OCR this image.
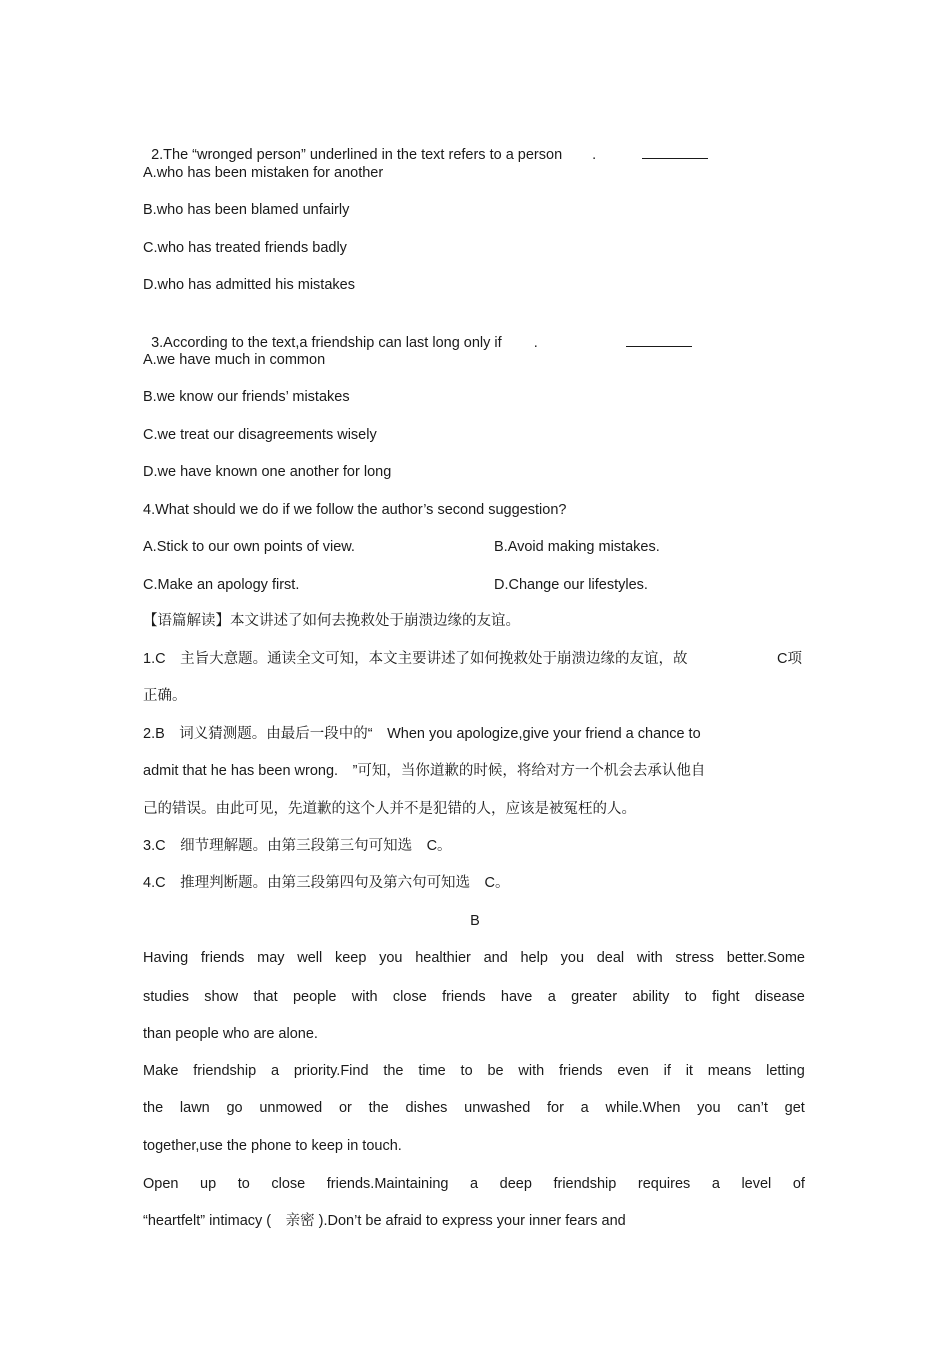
2.The “wronged person” underlined in the text refers to a person .

A.who has been mistaken for another
B.who has been blamed unfairly
C.who has treated friends badly
D.who has admitted his mistakes

3.According to the text,a friendship can last long only if .

A.we have much in common
B.we know our friends’ mistakes
C.we treat our disagreements wisely
D.we have known one another for long
4.What should we do if we follow the author’s second suggestion?
A.Stick to our own points of view.	B.Avoid making mistakes.
C.Make an apology first.	D.Change our lifestyles.
【语篇解读】本文讲述了如何去挽救处于崩溃边缘的友谊。
1.C　主旨大意题。通读全文可知，本文主要讲述了如何挽救处于崩溃边缘的友谊，故	C项
正确。
2.B　词义猜测题。由最后一段中的“　When you apologize,give your friend a chance to
admit that he has been wrong.　”可知，当你道歉的时候，将给对方一个机会去承认他自
己的错误。由此可见，先道歉的这个人并不是犯错的人，应该是被冤枉的人。
3.C　细节理解题。由第三段第三句可知选　C。
4.C　推理判断题。由第三段第四句及第六句可知选　C。
B
Having friends may well keep you healthier and help you deal with stress better.Some
studies show that people with close friends have a greater ability to fight disease
than people who are alone.
Make friendship a priority.Find the time to be with friends even if it means letting
the lawn go unmowed or the dishes unwashed for a while.When you can’t get
together,use the phone to keep in touch.
Open up to close friends.Maintaining a deep friendship requires a level of
“heartfelt” intimacy (　亲密 ).Don’t be afraid to express your inner fears and
